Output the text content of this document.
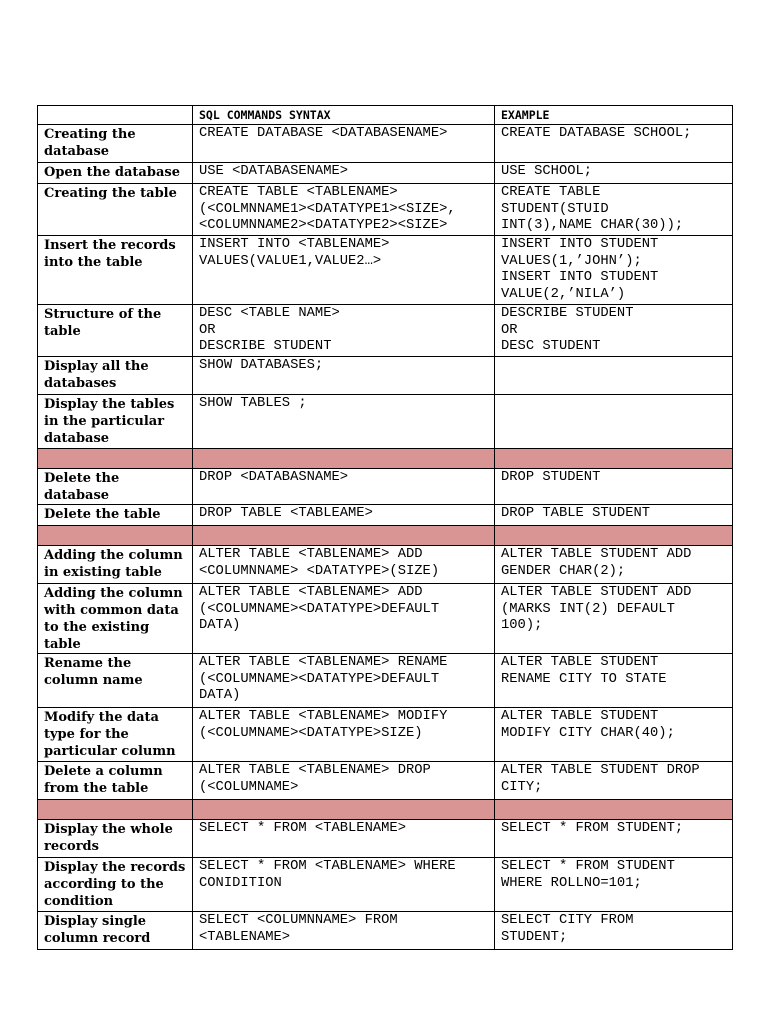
	SQL COMMANDS SYNTAX	EXAMPLE
Creating the database	CREATE DATABASE <DATABASENAME>	CREATE DATABASE SCHOOL;
Open the database	USE <DATABASENAME>	USE SCHOOL;
Creating the table	CREATE TABLE <TABLENAME>
(<COLMNNAME1><DATATYPE1><SIZE>,
<COLUMNNAME2><DATATYPE2><SIZE>	CREATE TABLE
STUDENT(STUID
INT(3),NAME CHAR(30));
Insert the records into the table	INSERT INTO <TABLENAME>
VALUES(VALUE1,VALUE2…>	INSERT INTO STUDENT
VALUES(1,’JOHN’);
INSERT INTO STUDENT
VALUE(2,’NILA’)
Structure of the table	DESC <TABLE NAME>
OR
DESCRIBE STUDENT	DESCRIBE STUDENT
OR
DESC STUDENT
Display all the databases	SHOW DATABASES;	
Display the tables in the particular database	SHOW TABLES ;	

Delete the database	DROP <DATABASNAME>	DROP STUDENT
Delete the table	DROP TABLE <TABLEAME>	DROP TABLE STUDENT

Adding the column in existing table	ALTER TABLE <TABLENAME> ADD
<COLUMNNAME> <DATATYPE>(SIZE)	ALTER TABLE STUDENT ADD
GENDER CHAR(2);
Adding the column with common data to the existing table	ALTER TABLE <TABLENAME> ADD
(<COLUMNAME><DATATYPE>DEFAULT
DATA)	ALTER TABLE STUDENT ADD
(MARKS INT(2) DEFAULT
100);
Rename the column name	ALTER TABLE <TABLENAME> RENAME
(<COLUMNAME><DATATYPE>DEFAULT
DATA)	ALTER TABLE STUDENT
RENAME CITY TO STATE
Modify the data type for the particular column	ALTER TABLE <TABLENAME> MODIFY
(<COLUMNAME><DATATYPE>SIZE)	ALTER TABLE STUDENT
MODIFY CITY CHAR(40);
Delete a column from the table	ALTER TABLE <TABLENAME> DROP
(<COLUMNAME>	ALTER TABLE STUDENT DROP
CITY;

Display the whole records	SELECT * FROM <TABLENAME>	SELECT * FROM STUDENT;
Display the records according to the condition	SELECT * FROM <TABLENAME> WHERE
CONIDITION	SELECT * FROM STUDENT
WHERE ROLLNO=101;
Display single column record	SELECT <COLUMNNAME> FROM
<TABLENAME>	SELECT CITY FROM
STUDENT;
